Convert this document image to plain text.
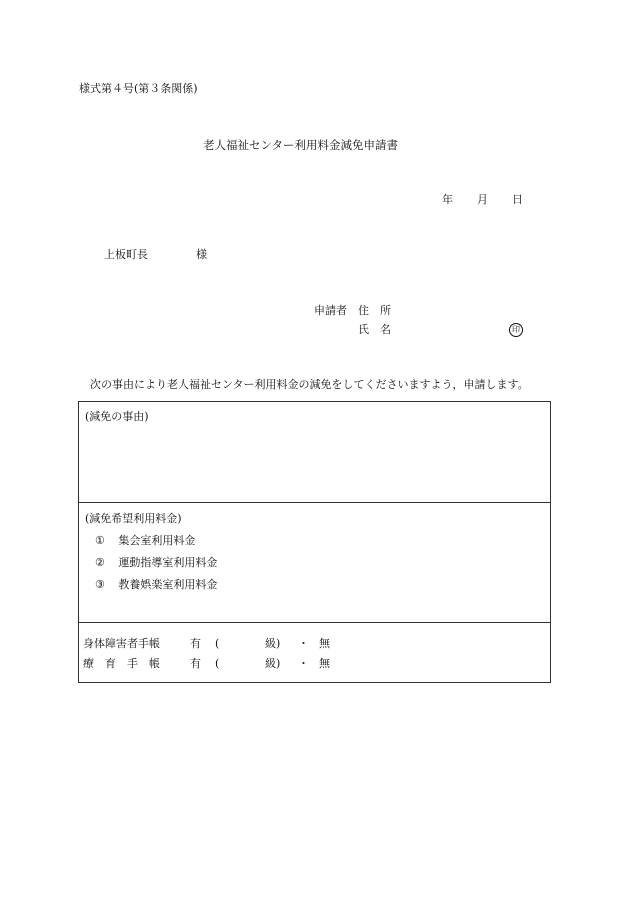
様式第４号(第３条関係)
老人福祉センター利用料金減免申請書
年 月 日
上板町長	様
申請者 住　所
氏　名	印
次の事由により老人福祉センター利用料金の減免をしてくださいますよう，申請します。
(減免の事由)
(減免希望利用料金)
① 集会室利用料金
② 運動指導室利用料金
③ 教養娯楽室利用料金
身体障害者手帳	有 (	級) ・ 無
療　育　手　帳	有 (	級) ・ 無
